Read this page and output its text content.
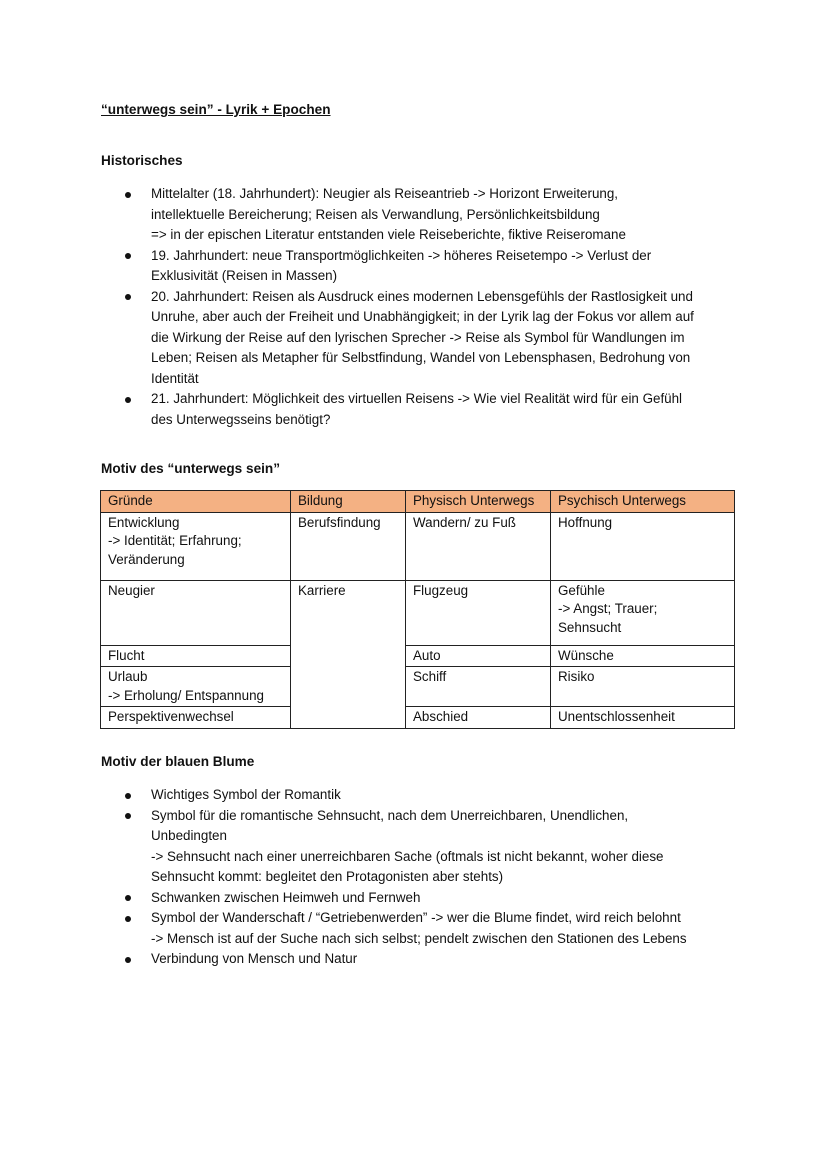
“unterwegs sein” - Lyrik + Epochen
Historisches
Mittelalter (18. Jahrhundert): Neugier als Reiseantrieb -> Horizont Erweiterung,
intellektuelle Bereicherung; Reisen als Verwandlung, Persönlichkeitsbildung
=> in der epischen Literatur entstanden viele Reiseberichte, fiktive Reiseromane
19. Jahrhundert: neue Transportmöglichkeiten -> höheres Reisetempo -> Verlust der
Exklusivität (Reisen in Massen)
20. Jahrhundert: Reisen als Ausdruck eines modernen Lebensgefühls der Rastlosigkeit und
Unruhe, aber auch der Freiheit und Unabhängigkeit; in der Lyrik lag der Fokus vor allem auf
die Wirkung der Reise auf den lyrischen Sprecher -> Reise als Symbol für Wandlungen im
Leben; Reisen als Metapher für Selbstfindung, Wandel von Lebensphasen, Bedrohung von
Identität
21. Jahrhundert: Möglichkeit des virtuellen Reisens -> Wie viel Realität wird für ein Gefühl
des Unterwegsseins benötigt?
Motiv des “unterwegs sein”
Gründe	Bildung	Physisch Unterwegs	Psychisch Unterwegs

Entwicklung
-> Identität; Erfahrung;
Veränderung	Berufsfindung	Wandern/ zu Fuß	Hoffnung
Neugier	Karriere	Flugzeug	Gefühle
-> Angst; Trauer;
Sehnsucht

Flucht		Auto	Wünsche

Urlaub
-> Erholung/ Entspannung		Schiff	Risiko
Perspektivenwechsel		Abschied	Unentschlossenheit
Motiv der blauen Blume
Wichtiges Symbol der Romantik
Symbol für die romantische Sehnsucht, nach dem Unerreichbaren, Unendlichen,
Unbedingten
-> Sehnsucht nach einer unerreichbaren Sache (oftmals ist nicht bekannt, woher diese
Sehnsucht kommt: begleitet den Protagonisten aber stehts)
Schwanken zwischen Heimweh und Fernweh
Symbol der Wanderschaft / “Getriebenwerden” -> wer die Blume findet, wird reich belohnt
-> Mensch ist auf der Suche nach sich selbst; pendelt zwischen den Stationen des Lebens
Verbindung von Mensch und Natur
